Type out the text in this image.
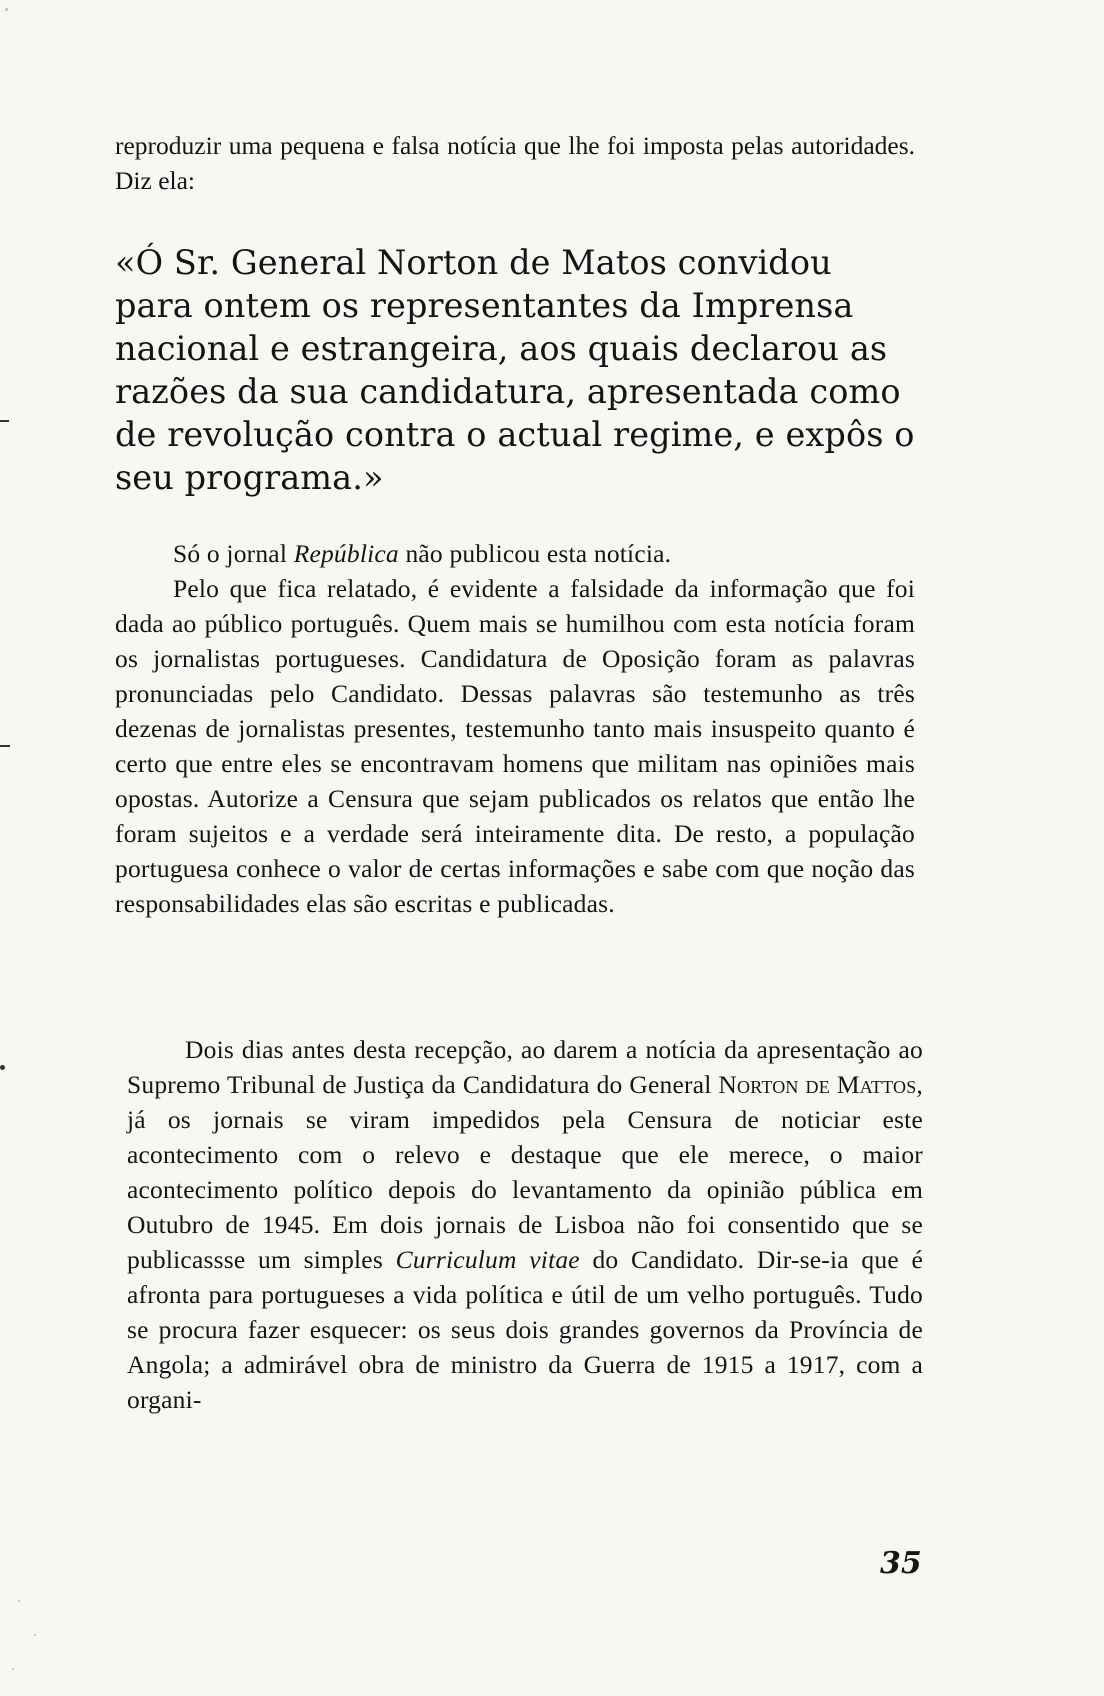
reproduzir uma pequena e falsa notícia que lhe foi imposta pelas autoridades. Diz ela:

«Ó Sr. General Norton de Matos convidou para ontem os representantes da Imprensa nacional e estrangeira, aos quais declarou as razões da sua candidatura, apresentada como de revolução contra o actual regime, e expôs o seu programa.»

Só o jornal República não publicou esta notícia.

Pelo que fica relatado, é evidente a falsidade da informação que foi dada ao público português. Quem mais se humilhou com esta notícia foram os jornalistas portugueses. Candidatura de Oposição foram as palavras pronunciadas pelo Candidato. Dessas palavras são testemunho as três dezenas de jornalistas presentes, testemunho tanto mais insuspeito quanto é certo que entre eles se encontravam homens que militam nas opiniões mais opostas. Autorize a Censura que sejam publicados os relatos que então lhe foram sujeitos e a verdade será inteiramente dita. De resto, a população portuguesa conhece o valor de certas informações e sabe com que noção das responsabilidades elas são escritas e publicadas.

Dois dias antes desta recepção, ao darem a notícia da apresentação ao Supremo Tribunal de Justiça da Candidatura do General Norton de Mattos, já os jornais se viram impedidos pela Censura de noticiar este acontecimento com o relevo e destaque que ele merece, o maior acontecimento político depois do levantamento da opinião pública em Outubro de 1945. Em dois jornais de Lisboa não foi consentido que se publicassse um simples Curriculum vitae do Candidato. Dir-se-ia que é afronta para portugueses a vida política e útil de um velho português. Tudo se procura fazer esquecer: os seus dois grandes governos da Província de Angola; a admirável obra de ministro da Guerra de 1915 a 1917, com a organi-

35
